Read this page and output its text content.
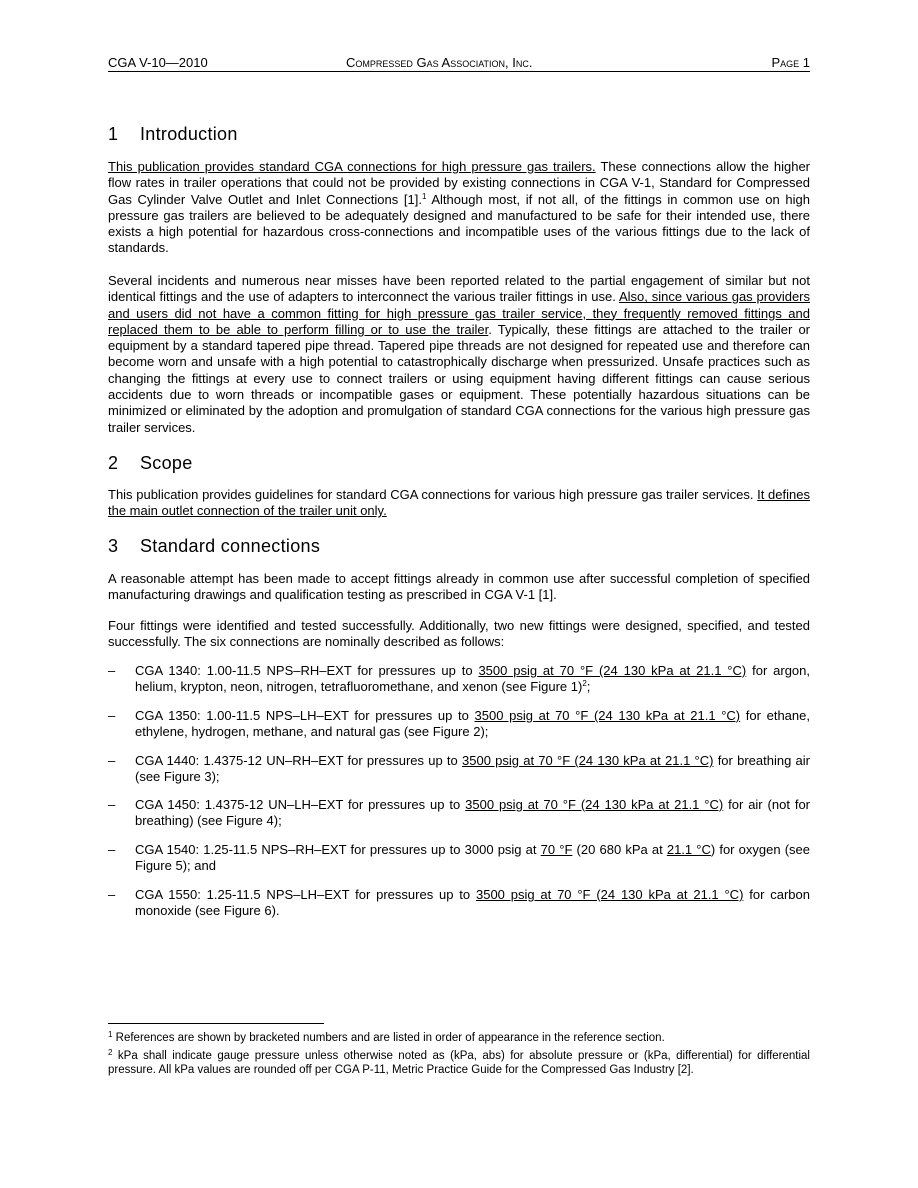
CGA V-10—2010	Compressed Gas Association, Inc.	Page 1
1 Introduction
This publication provides standard CGA connections for high pressure gas trailers. These connections allow the higher flow rates in trailer operations that could not be provided by existing connections in CGA V-1, Standard for Compressed Gas Cylinder Valve Outlet and Inlet Connections [1].$^1$ Although most, if not all, of the fittings in common use on high pressure gas trailers are believed to be adequately designed and manufactured to be safe for their intended use, there exists a high potential for hazardous cross-connections and incompatible uses of the various fittings due to the lack of standards.
Several incidents and numerous near misses have been reported related to the partial engagement of similar but not identical fittings and the use of adapters to interconnect the various trailer fittings in use. Also, since various gas providers and users did not have a common fitting for high pressure gas trailer service, they frequently removed fittings and replaced them to be able to perform filling or to use the trailer. Typically, these fittings are attached to the trailer or equipment by a standard tapered pipe thread. Tapered pipe threads are not designed for repeated use and therefore can become worn and unsafe with a high potential to catastrophically discharge when pressurized. Unsafe practices such as changing the fittings at every use to connect trailers or using equipment having different fittings can cause serious accidents due to worn threads or incompatible gases or equipment. These potentially hazardous situations can be minimized or eliminated by the adoption and promulgation of standard CGA connections for the various high pressure gas trailer services.
2 Scope
This publication provides guidelines for standard CGA connections for various high pressure gas trailer services. It defines the main outlet connection of the trailer unit only.
3 Standard connections
A reasonable attempt has been made to accept fittings already in common use after successful completion of specified manufacturing drawings and qualification testing as prescribed in CGA V-1 [1].
Four fittings were identified and tested successfully. Additionally, two new fittings were designed, specified, and tested successfully. The six connections are nominally described as follows:
– CGA 1340: 1.00-11.5 NPS–RH–EXT for pressures up to 3500 psig at 70 °F (24 130 kPa at 21.1 °C) for argon, helium, krypton, neon, nitrogen, tetrafluoromethane, and xenon (see Figure 1)$^2$;
– CGA 1350: 1.00-11.5 NPS–LH–EXT for pressures up to 3500 psig at 70 °F (24 130 kPa at 21.1 °C) for ethane, ethylene, hydrogen, methane, and natural gas (see Figure 2);
– CGA 1440: 1.4375-12 UN–RH–EXT for pressures up to 3500 psig at 70 °F (24 130 kPa at 21.1 °C) for breathing air (see Figure 3);
– CGA 1450: 1.4375-12 UN–LH–EXT for pressures up to 3500 psig at 70 °F (24 130 kPa at 21.1 °C) for air (not for breathing) (see Figure 4);
– CGA 1540: 1.25-11.5 NPS–RH–EXT for pressures up to 3000 psig at 70 °F (20 680 kPa at 21.1 °C) for oxygen (see Figure 5); and
– CGA 1550: 1.25-11.5 NPS–LH–EXT for pressures up to 3500 psig at 70 °F (24 130 kPa at 21.1 °C) for carbon monoxide (see Figure 6).
$^1$ References are shown by bracketed numbers and are listed in order of appearance in the reference section.
$^2$ kPa shall indicate gauge pressure unless otherwise noted as (kPa, abs) for absolute pressure or (kPa, differential) for differential pressure. All kPa values are rounded off per CGA P-11, Metric Practice Guide for the Compressed Gas Industry [2].
